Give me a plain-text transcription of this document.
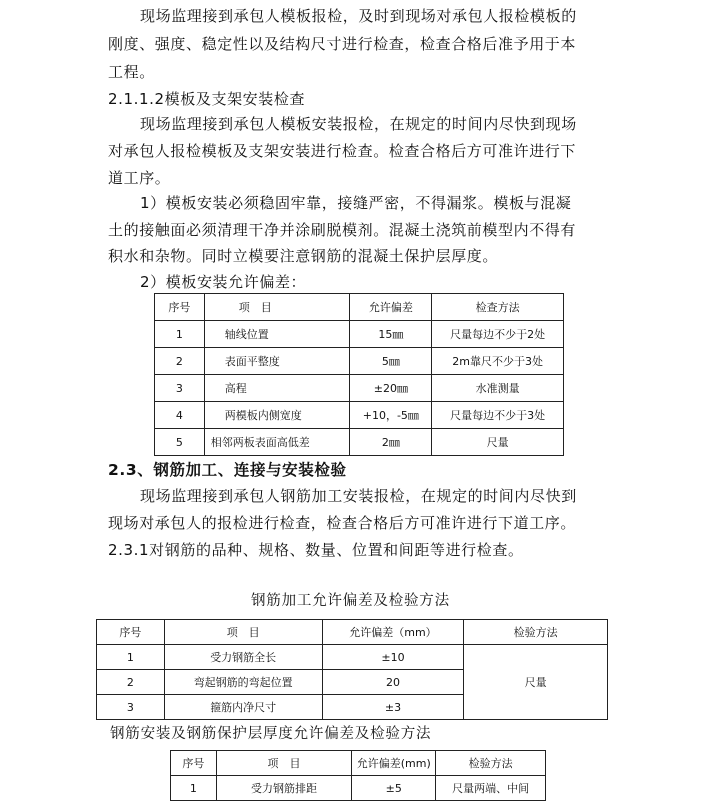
现场监理接到承包人模板报检，及时到现场对承包人报检模板的
刚度、强度、稳定性以及结构尺寸进行检查，检查合格后准予用于本
工程。
2.1.1.2模板及支架安装检查
现场监理接到承包人模板安装报检，在规定的时间内尽快到现场
对承包人报检模板及支架安装进行检查。检查合格后方可准许进行下
道工序。
1）模板安装必须稳固牢靠，接缝严密，不得漏浆。模板与混凝
土的接触面必须清理干净并涂刷脱模剂。混凝土浇筑前模型内不得有
积水和杂物。同时立模要注意钢筋的混凝土保护层厚度。
2）模板安装允许偏差：
序号	项　目	允许偏差	检查方法
1	轴线位置	15㎜	尺量每边不少于2处
2	表面平整度	5㎜	2m靠尺不少于3处
3	高程	±20㎜	水准测量
4	两模板内侧宽度	+10，-5㎜	尺量每边不少于3处
5	相邻两板表面高低差	2㎜	尺量
2.3、钢筋加工、连接与安装检验
现场监理接到承包人钢筋加工安装报检，在规定的时间内尽快到
现场对承包人的报检进行检查，检查合格后方可准许进行下道工序。
2.3.1对钢筋的品种、规格、数量、位置和间距等进行检查。
钢筋加工允许偏差及检验方法
序号	项　目	允许偏差（mm）	检验方法
1	受力钢筋全长	±10	尺量
2	弯起钢筋的弯起位置	20	
3	箍筋内净尺寸	±3	
钢筋安装及钢筋保护层厚度允许偏差及检验方法
序号	项　目	允许偏差(mm)	检验方法
1	受力钢筋排距	±5	尺量两端、中间
